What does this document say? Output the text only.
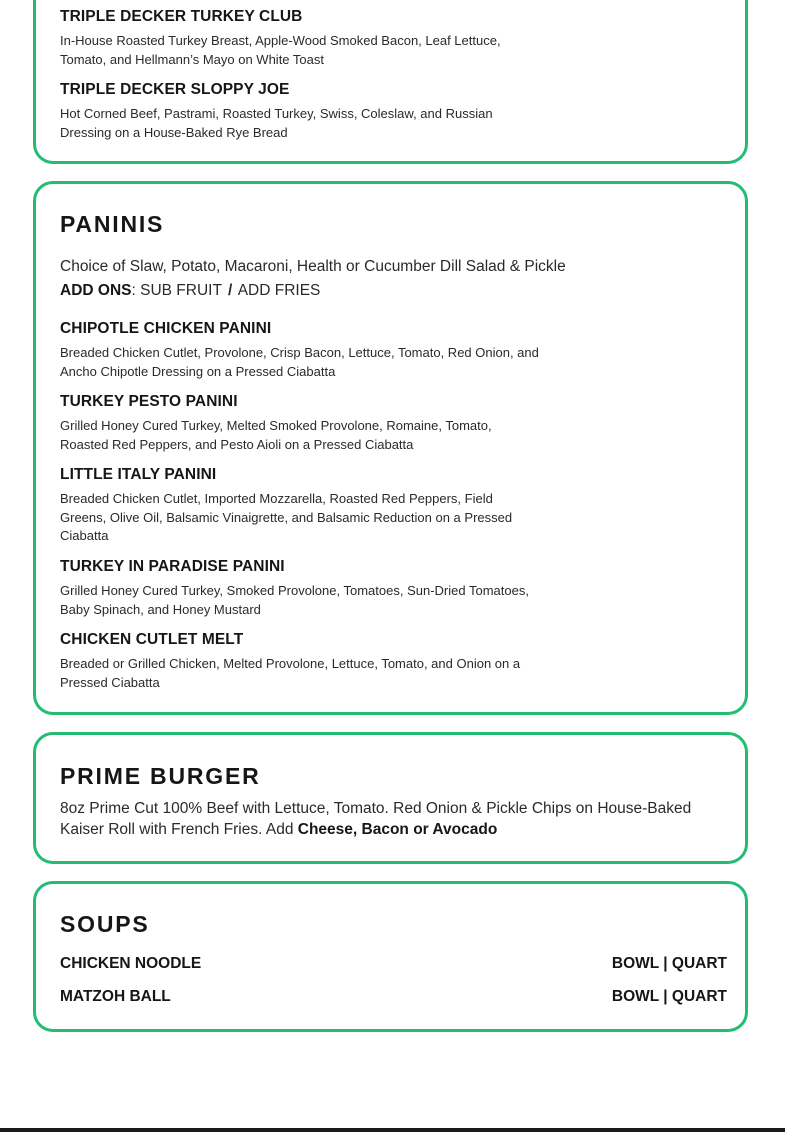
TRIPLE DECKER TURKEY CLUB
In-House Roasted Turkey Breast, Apple-Wood Smoked Bacon, Leaf Lettuce, Tomato, and Hellmann’s Mayo on White Toast
TRIPLE DECKER SLOPPY JOE
Hot Corned Beef, Pastrami, Roasted Turkey, Swiss, Coleslaw, and Russian Dressing on a House-Baked Rye Bread
PANINIS
Choice of Slaw, Potato, Macaroni, Health or Cucumber Dill Salad & Pickle
ADD ONS: SUB FRUIT / ADD FRIES
CHIPOTLE CHICKEN PANINI
Breaded Chicken Cutlet, Provolone, Crisp Bacon, Lettuce, Tomato, Red Onion, and Ancho Chipotle Dressing on a Pressed Ciabatta
TURKEY PESTO PANINI
Grilled Honey Cured Turkey, Melted Smoked Provolone, Romaine, Tomato, Roasted Red Peppers, and Pesto Aioli on a Pressed Ciabatta
LITTLE ITALY PANINI
Breaded Chicken Cutlet, Imported Mozzarella, Roasted Red Peppers, Field Greens, Olive Oil, Balsamic Vinaigrette, and Balsamic Reduction on a Pressed Ciabatta
TURKEY IN PARADISE PANINI
Grilled Honey Cured Turkey, Smoked Provolone, Tomatoes, Sun-Dried Tomatoes, Baby Spinach, and Honey Mustard
CHICKEN CUTLET MELT
Breaded or Grilled Chicken, Melted Provolone, Lettuce, Tomato, and Onion on a Pressed Ciabatta
PRIME BURGER
8oz Prime Cut 100% Beef with Lettuce, Tomato. Red Onion & Pickle Chips on House-Baked Kaiser Roll with French Fries. Add Cheese, Bacon or Avocado
SOUPS
CHICKEN NOODLE	BOWL | QUART
MATZOH BALL	BOWL | QUART
